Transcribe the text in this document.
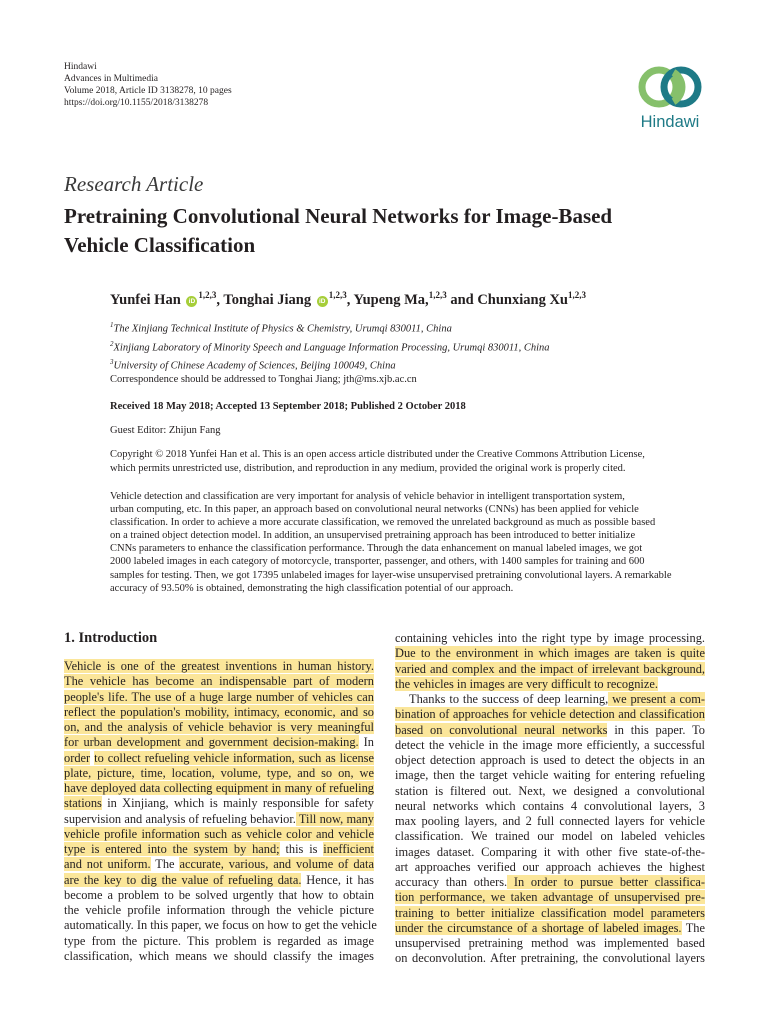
Hindawi
Advances in Multimedia
Volume 2018, Article ID 3138278, 10 pages
https://doi.org/10.1155/2018/3138278
Hindawi
Research Article
Pretraining Convolutional Neural Networks for Image-Based
Vehicle Classification
Yunfei Han iD$^{1,2,3}$, Tonghai Jiang iD$^{1,2,3}$, Yupeng Ma,$^{1,2,3}$ and Chunxiang Xu$^{1,2,3}$
$^1$The Xinjiang Technical Institute of Physics & Chemistry, Urumqi 830011, China
$^2$Xinjiang Laboratory of Minority Speech and Language Information Processing, Urumqi 830011, China
$^3$University of Chinese Academy of Sciences, Beijing 100049, China
Correspondence should be addressed to Tonghai Jiang; jth@ms.xjb.ac.cn
Received 18 May 2018; Accepted 13 September 2018; Published 2 October 2018
Guest Editor: Zhijun Fang
Copyright © 2018 Yunfei Han et al. This is an open access article distributed under the Creative Commons Attribution License,
which permits unrestricted use, distribution, and reproduction in any medium, provided the original work is properly cited.
Vehicle detection and classification are very important for analysis of vehicle behavior in intelligent transportation system,
urban computing, etc. In this paper, an approach based on convolutional neural networks (CNNs) has been applied for vehicle
classification. In order to achieve a more accurate classification, we removed the unrelated background as much as possible based
on a trained object detection model. In addition, an unsupervised pretraining approach has been introduced to better initialize
CNNs parameters to enhance the classification performance. Through the data enhancement on manual labeled images, we got
2000 labeled images in each category of motorcycle, transporter, passenger, and others, with 1400 samples for training and 600
samples for testing. Then, we got 17395 unlabeled images for layer-wise unsupervised pretraining convolutional layers. A remarkable
accuracy of 93.50% is obtained, demonstrating the high classification potential of our approach.
1. Introduction
Vehicle is one of the greatest inventions in human history.
The vehicle has become an indispensable part of modern
people's life. The use of a huge large number of vehicles can
reflect the population's mobility, intimacy, economic, and so
on, and the analysis of vehicle behavior is very meaningful
for urban development and government decision-making. In
order to collect refueling vehicle information, such as license
plate, picture, time, location, volume, type, and so on, we
have deployed data collecting equipment in many of refueling
stations in Xinjiang, which is mainly responsible for safety
supervision and analysis of refueling behavior. Till now, many
vehicle profile information such as vehicle color and vehicle
type is entered into the system by hand; this is inefficient
and not uniform. The accurate, various, and volume of data
are the key to dig the value of refueling data. Hence, it has
become a problem to be solved urgently that how to obtain
the vehicle profile information through the vehicle picture
automatically. In this paper, we focus on how to get the vehicle
type from the picture. This problem is regarded as image
classification, which means we should classify the images
containing vehicles into the right type by image processing.
Due to the environment in which images are taken is quite
varied and complex and the impact of irrelevant background,
the vehicles in images are very difficult to recognize.
Thanks to the success of deep learning, we present a com-
bination of approaches for vehicle detection and classification
based on convolutional neural networks in this paper. To
detect the vehicle in the image more efficiently, a successful
object detection approach is used to detect the objects in an
image, then the target vehicle waiting for entering refueling
station is filtered out. Next, we designed a convolutional
neural networks which contains 4 convolutional layers, 3
max pooling layers, and 2 full connected layers for vehicle
classification. We trained our model on labeled vehicles
images dataset. Comparing it with other five state-of-the-
art approaches verified our approach achieves the highest
accuracy than others. In order to pursue better classifica-
tion performance, we taken advantage of unsupervised pre-
training to better initialize classification model parameters
under the circumstance of a shortage of labeled images. The
unsupervised pretraining method was implemented based
on deconvolution. After pretraining, the convolutional layers
